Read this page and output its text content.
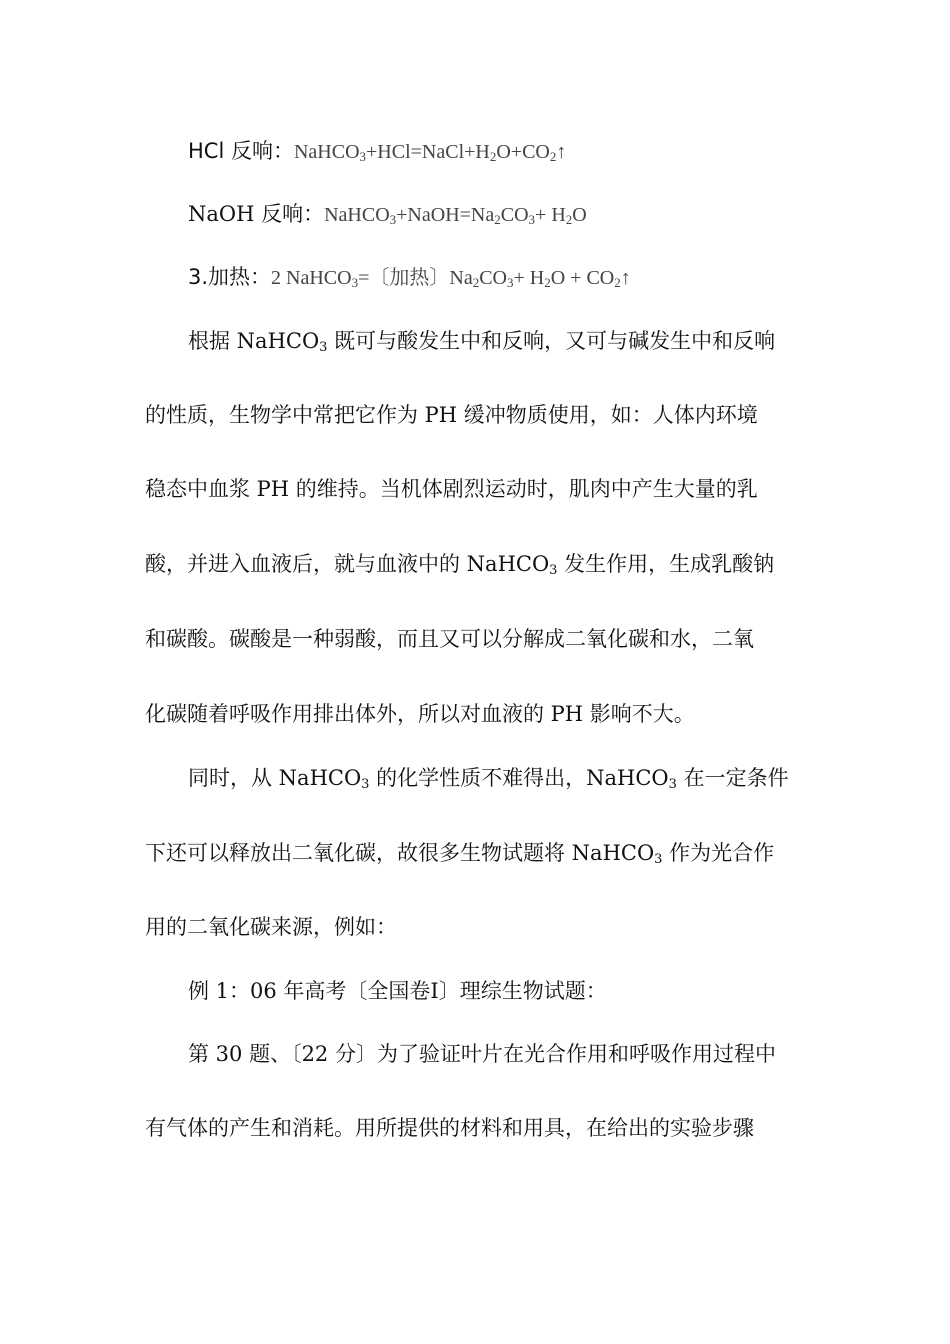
HCl 反响：$NaHCO_3+HCl=NaCl+H_2O+CO_2↑$
NaOH 反响：$NaHCO_3+NaOH=Na_2CO_3+ H_2O$
3.加热：2 NaHCO$_3$=〔加热〕$Na_2CO_3+ H_2O$ + $CO_2↑$
根据 NaHCO$_3$ 既可与酸发生中和反响，又可与碱发生中和反响
的性质，生物学中常把它作为 PH 缓冲物质使用，如：人体内环境
稳态中血浆 PH 的维持。当机体剧烈运动时，肌肉中产生大量的乳
酸，并进入血液后，就与血液中的 NaHCO$_3$ 发生作用，生成乳酸钠
和碳酸。碳酸是一种弱酸，而且又可以分解成二氧化碳和水，二氧
化碳随着呼吸作用排出体外，所以对血液的 PH 影响不大。
同时，从 NaHCO$_3$ 的化学性质不难得出，NaHCO$_3$ 在一定条件
下还可以释放出二氧化碳，故很多生物试题将 NaHCO$_3$ 作为光合作
用的二氧化碳来源，例如：
例 1：06 年高考〔全国卷Ⅰ〕理综生物试题：
第 30 题、〔22 分〕为了验证叶片在光合作用和呼吸作用过程中
有气体的产生和消耗。用所提供的材料和用具，在给出的实验步骤
